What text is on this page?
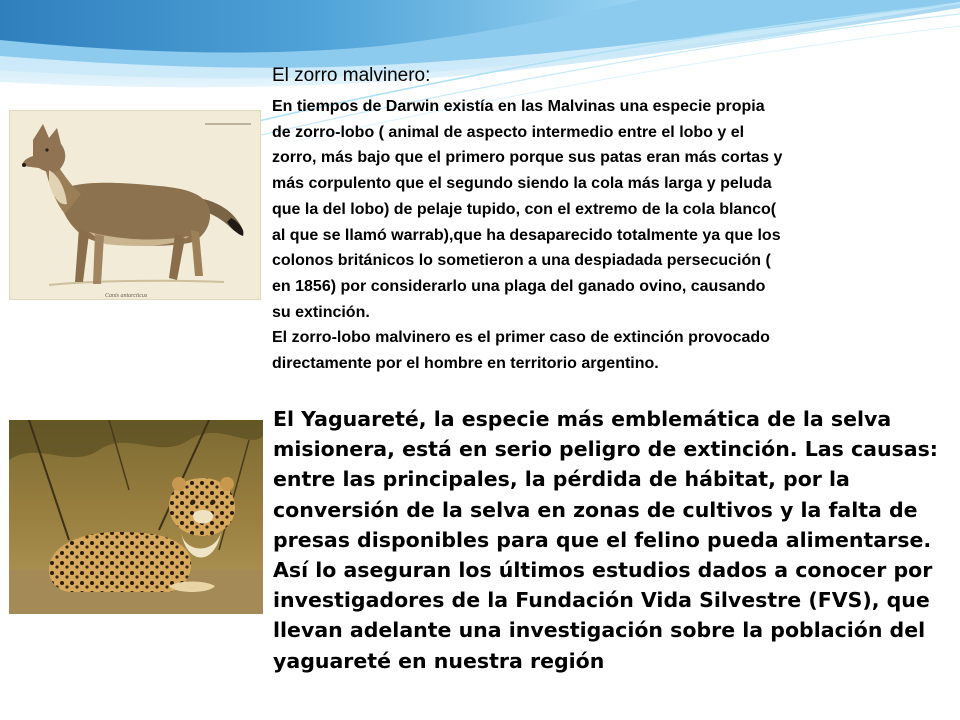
Canis antarcticus
El zorro malvinero:
En tiempos de Darwin existía en las Malvinas una especie propia
de zorro-lobo ( animal de aspecto intermedio entre el lobo y el
zorro, más bajo que el primero porque sus patas eran más cortas y
más corpulento que el segundo siendo la cola más larga y peluda
que la del lobo) de pelaje tupido, con el extremo de la cola blanco(
al que se llamó warrab),que ha desaparecido totalmente ya que los
colonos británicos lo sometieron a una despiadada persecución (
en 1856) por considerarlo una plaga del ganado ovino, causando
su extinción.
El zorro-lobo malvinero es el primer caso de extinción provocado
directamente por el hombre en territorio argentino.
El Yaguareté, la especie más emblemática de la selva
misionera, está en serio peligro de extinción. Las causas:
entre las principales, la pérdida de hábitat, por la
conversión de la selva en zonas de cultivos y la falta de
presas disponibles para que el felino pueda alimentarse.
Así lo aseguran los últimos estudios dados a conocer por
investigadores de la Fundación Vida Silvestre (FVS), que
llevan adelante una investigación sobre la población del
yaguareté en nuestra región
